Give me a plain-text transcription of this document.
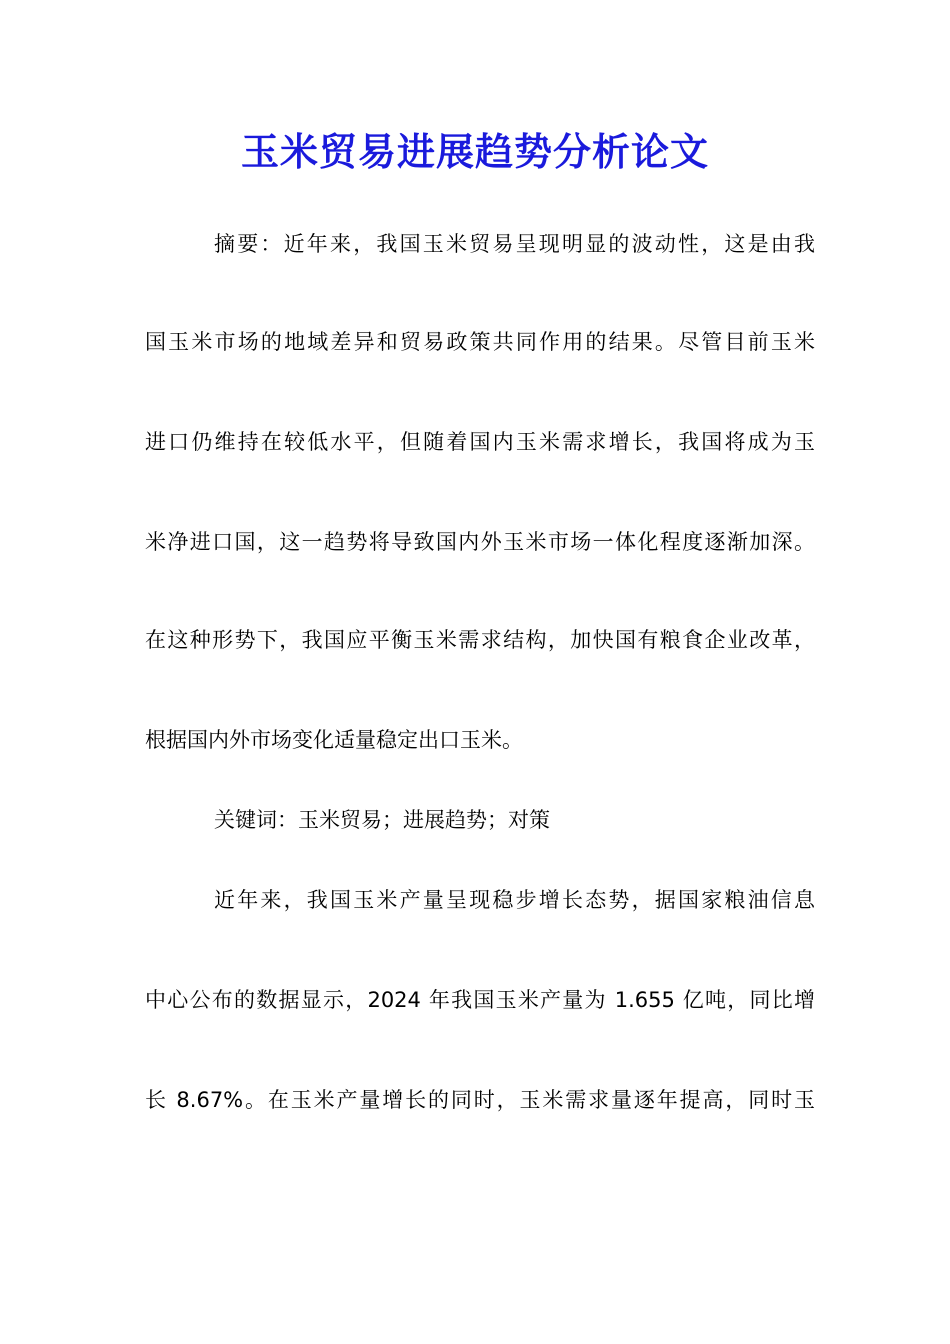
玉米贸易进展趋势分析论文

摘要：近年来，我国玉米贸易呈现明显的波动性，这是由我

国玉米市场的地域差异和贸易政策共同作用的结果。尽管目前玉米

进口仍维持在较低水平，但随着国内玉米需求增长，我国将成为玉

米净进口国，这一趋势将导致国内外玉米市场一体化程度逐渐加深。

在这种形势下，我国应平衡玉米需求结构，加快国有粮食企业改革，

根据国内外市场变化适量稳定出口玉米。

关键词：玉米贸易；进展趋势；对策

近年来，我国玉米产量呈现稳步增长态势，据国家粮油信息

中心公布的数据显示，2024 年我国玉米产量为 1.655 亿吨，同比增

长 8.67%。在玉米产量增长的同时，玉米需求量逐年提高，同时玉
